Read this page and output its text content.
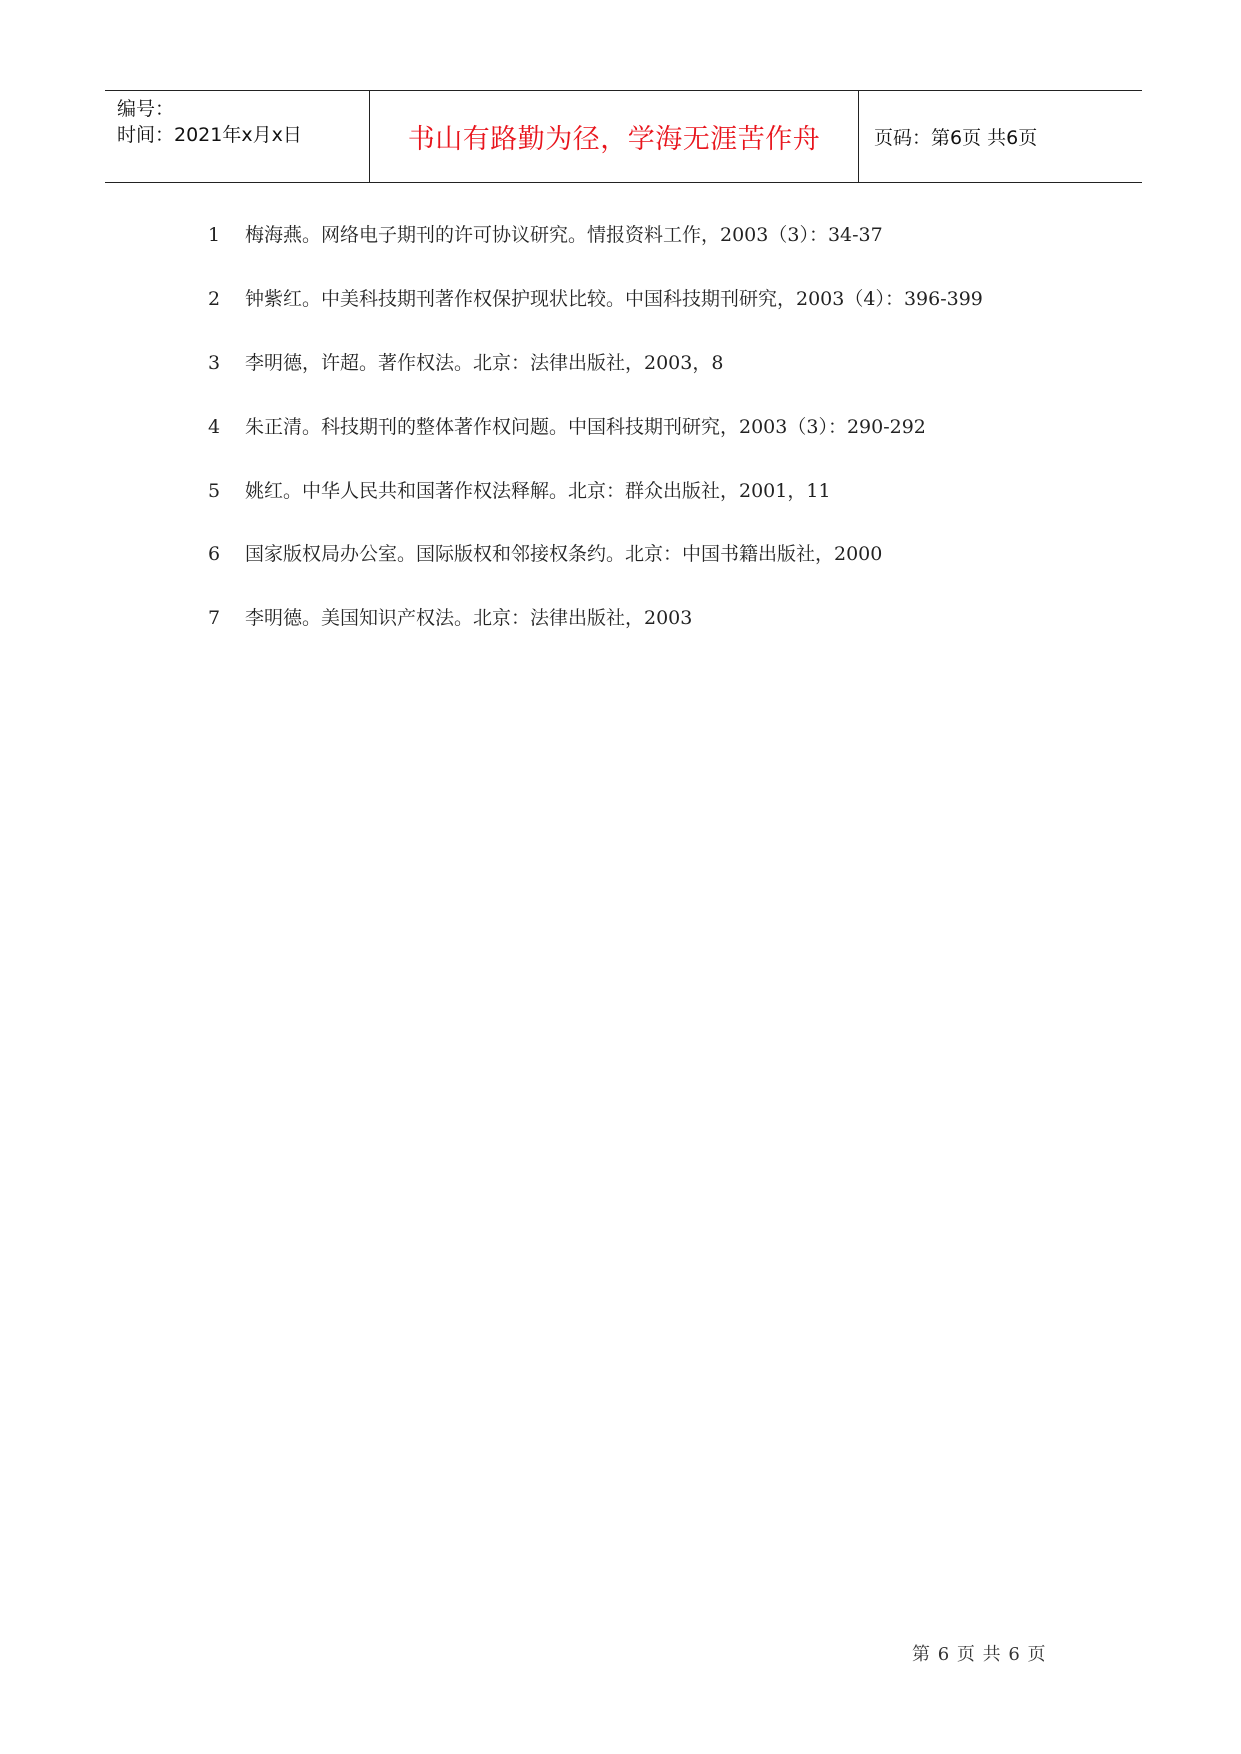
编号：
时间：2021年x月x日	书山有路勤为径，学海无涯苦作舟	页码：第6页 共6页
1 梅海燕。网络电子期刊的许可协议研究。情报资料工作，2003（3）：34-37
2 钟紫红。中美科技期刊著作权保护现状比较。中国科技期刊研究，2003（4）：396-399
3 李明德，许超。著作权法。北京：法律出版社，2003，8
4 朱正清。科技期刊的整体著作权问题。中国科技期刊研究，2003（3）：290-292
5 姚红。中华人民共和国著作权法释解。北京：群众出版社，2001，11
6 国家版权局办公室。国际版权和邻接权条约。北京：中国书籍出版社，2000
7 李明德。美国知识产权法。北京：法律出版社，2003
第 6 页 共 6 页
